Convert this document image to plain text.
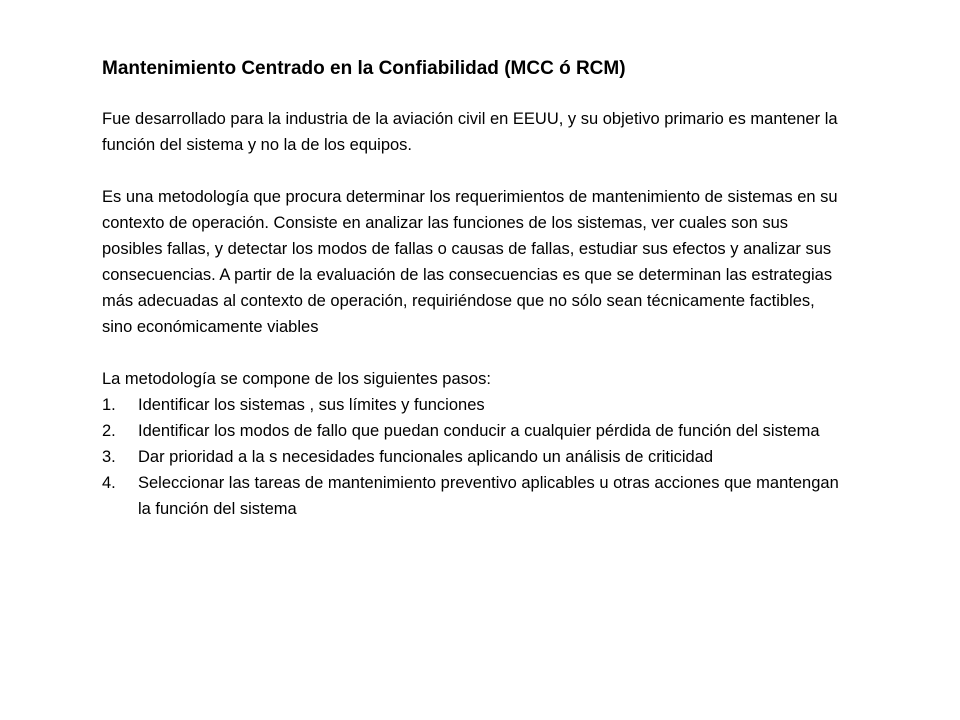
Mantenimiento Centrado en la Confiabilidad (MCC ó RCM)

Fue desarrollado para la industria de la aviación civil en EEUU, y su objetivo primario es mantener la función del sistema y no la de los equipos.

Es una metodología que procura determinar los requerimientos de mantenimiento de sistemas en su contexto de operación. Consiste en analizar las funciones de los sistemas, ver cuales son sus posibles fallas, y detectar los modos de fallas o causas de fallas, estudiar sus efectos y analizar sus consecuencias. A partir de la evaluación de las consecuencias es que se determinan las estrategias más adecuadas al contexto de operación, requiriéndose que no sólo sean técnicamente factibles, sino económicamente viables

La metodología se compone de los siguientes pasos:

1. Identificar los sistemas , sus límites y funciones
2. Identificar los modos de fallo que puedan conducir a cualquier pérdida de función del sistema
3. Dar prioridad a la s necesidades funcionales aplicando un análisis de criticidad
4. Seleccionar las tareas de mantenimiento preventivo aplicables u otras acciones que mantengan la función del sistema
